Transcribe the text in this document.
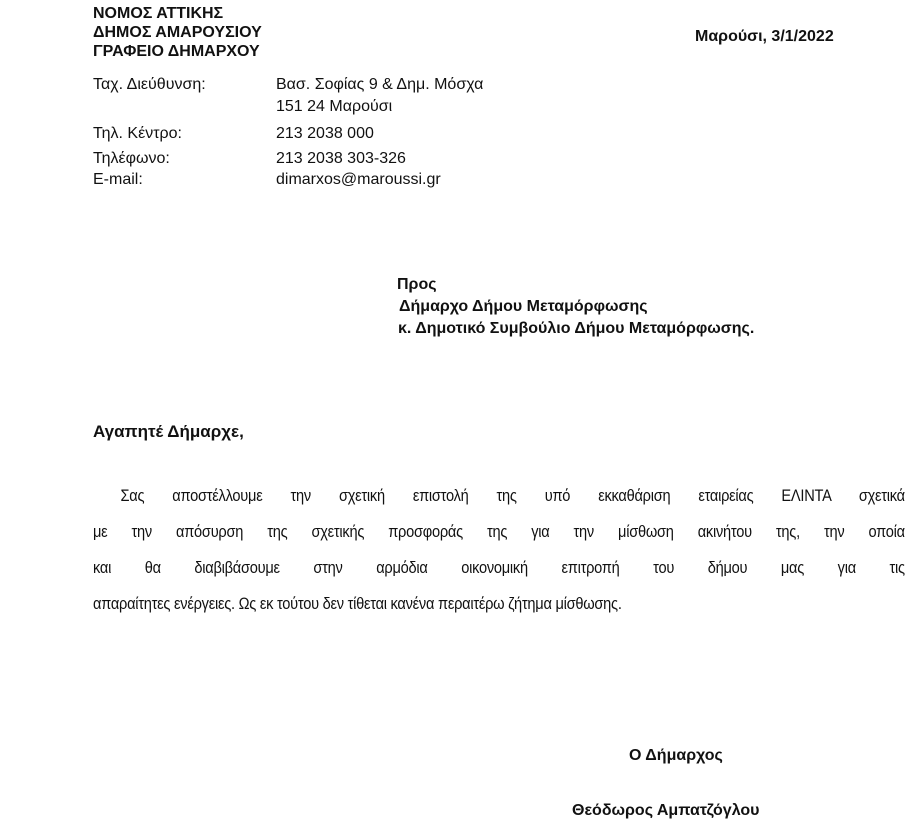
ΝΟΜΟΣ ΑΤΤΙΚΗΣ
ΔΗΜΟΣ ΑΜΑΡΟΥΣΙΟΥ
ΓΡΑΦΕΙΟ ΔΗΜΑΡΧΟΥ
Μαρούσι, 3/1/2022
Ταχ. Διεύθυνση:	Βασ. Σοφίας 9 & Δημ. Μόσχα
151 24 Μαρούσι
Τηλ. Κέντρο:	213 2038 000
Τηλέφωνο:	213 2038 303-326
E-mail:	dimarxos@maroussi.gr
Προς
Δήμαρχο Δήμου Μεταμόρφωσης
κ. Δημοτικό Συμβούλιο Δήμου Μεταμόρφωσης.
Αγαπητέ Δήμαρχε,
Σας αποστέλλουμε την σχετική επιστολή της υπό εκκαθάριση εταιρείας ΕΛΙΝΤΑ σχετικά
με την απόσυρση της σχετικής προσφοράς της για την μίσθωση ακινήτου της, την οποία
και θα διαβιβάσουμε στην αρμόδια οικονομική επιτροπή του δήμου μας για τις
απαραίτητες ενέργειες. Ως εκ τούτου δεν τίθεται κανένα περαιτέρω ζήτημα μίσθωσης.
Ο Δήμαρχος
Θεόδωρος Αμπατζόγλου
